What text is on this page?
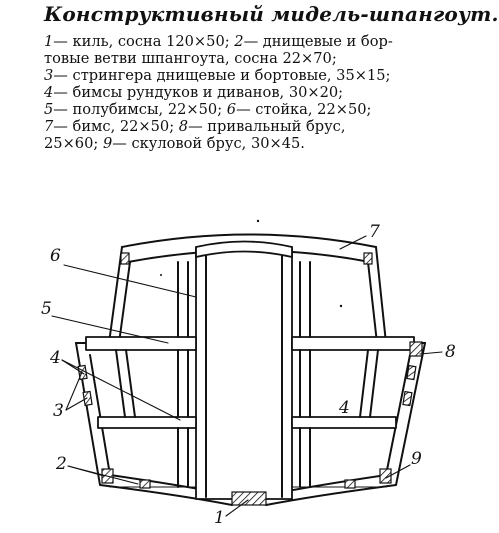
Конструктивный мидель-шпангоут.
1— киль, сосна 120×50; 2— днищевые и бор-
товые ветви шпангоута, сосна 22×70;
3— стрингера днищевые и бортовые, 35×15;
4— бимсы рундуков и диванов, 30×20;
5— полубимсы, 22×50; 6— стойка, 22×50;
7— бимс, 22×50; 8— привальный брус,
25×60; 9— скуловой брус, 30×45.
6
7
5
4
4
3
2
8
9
1
